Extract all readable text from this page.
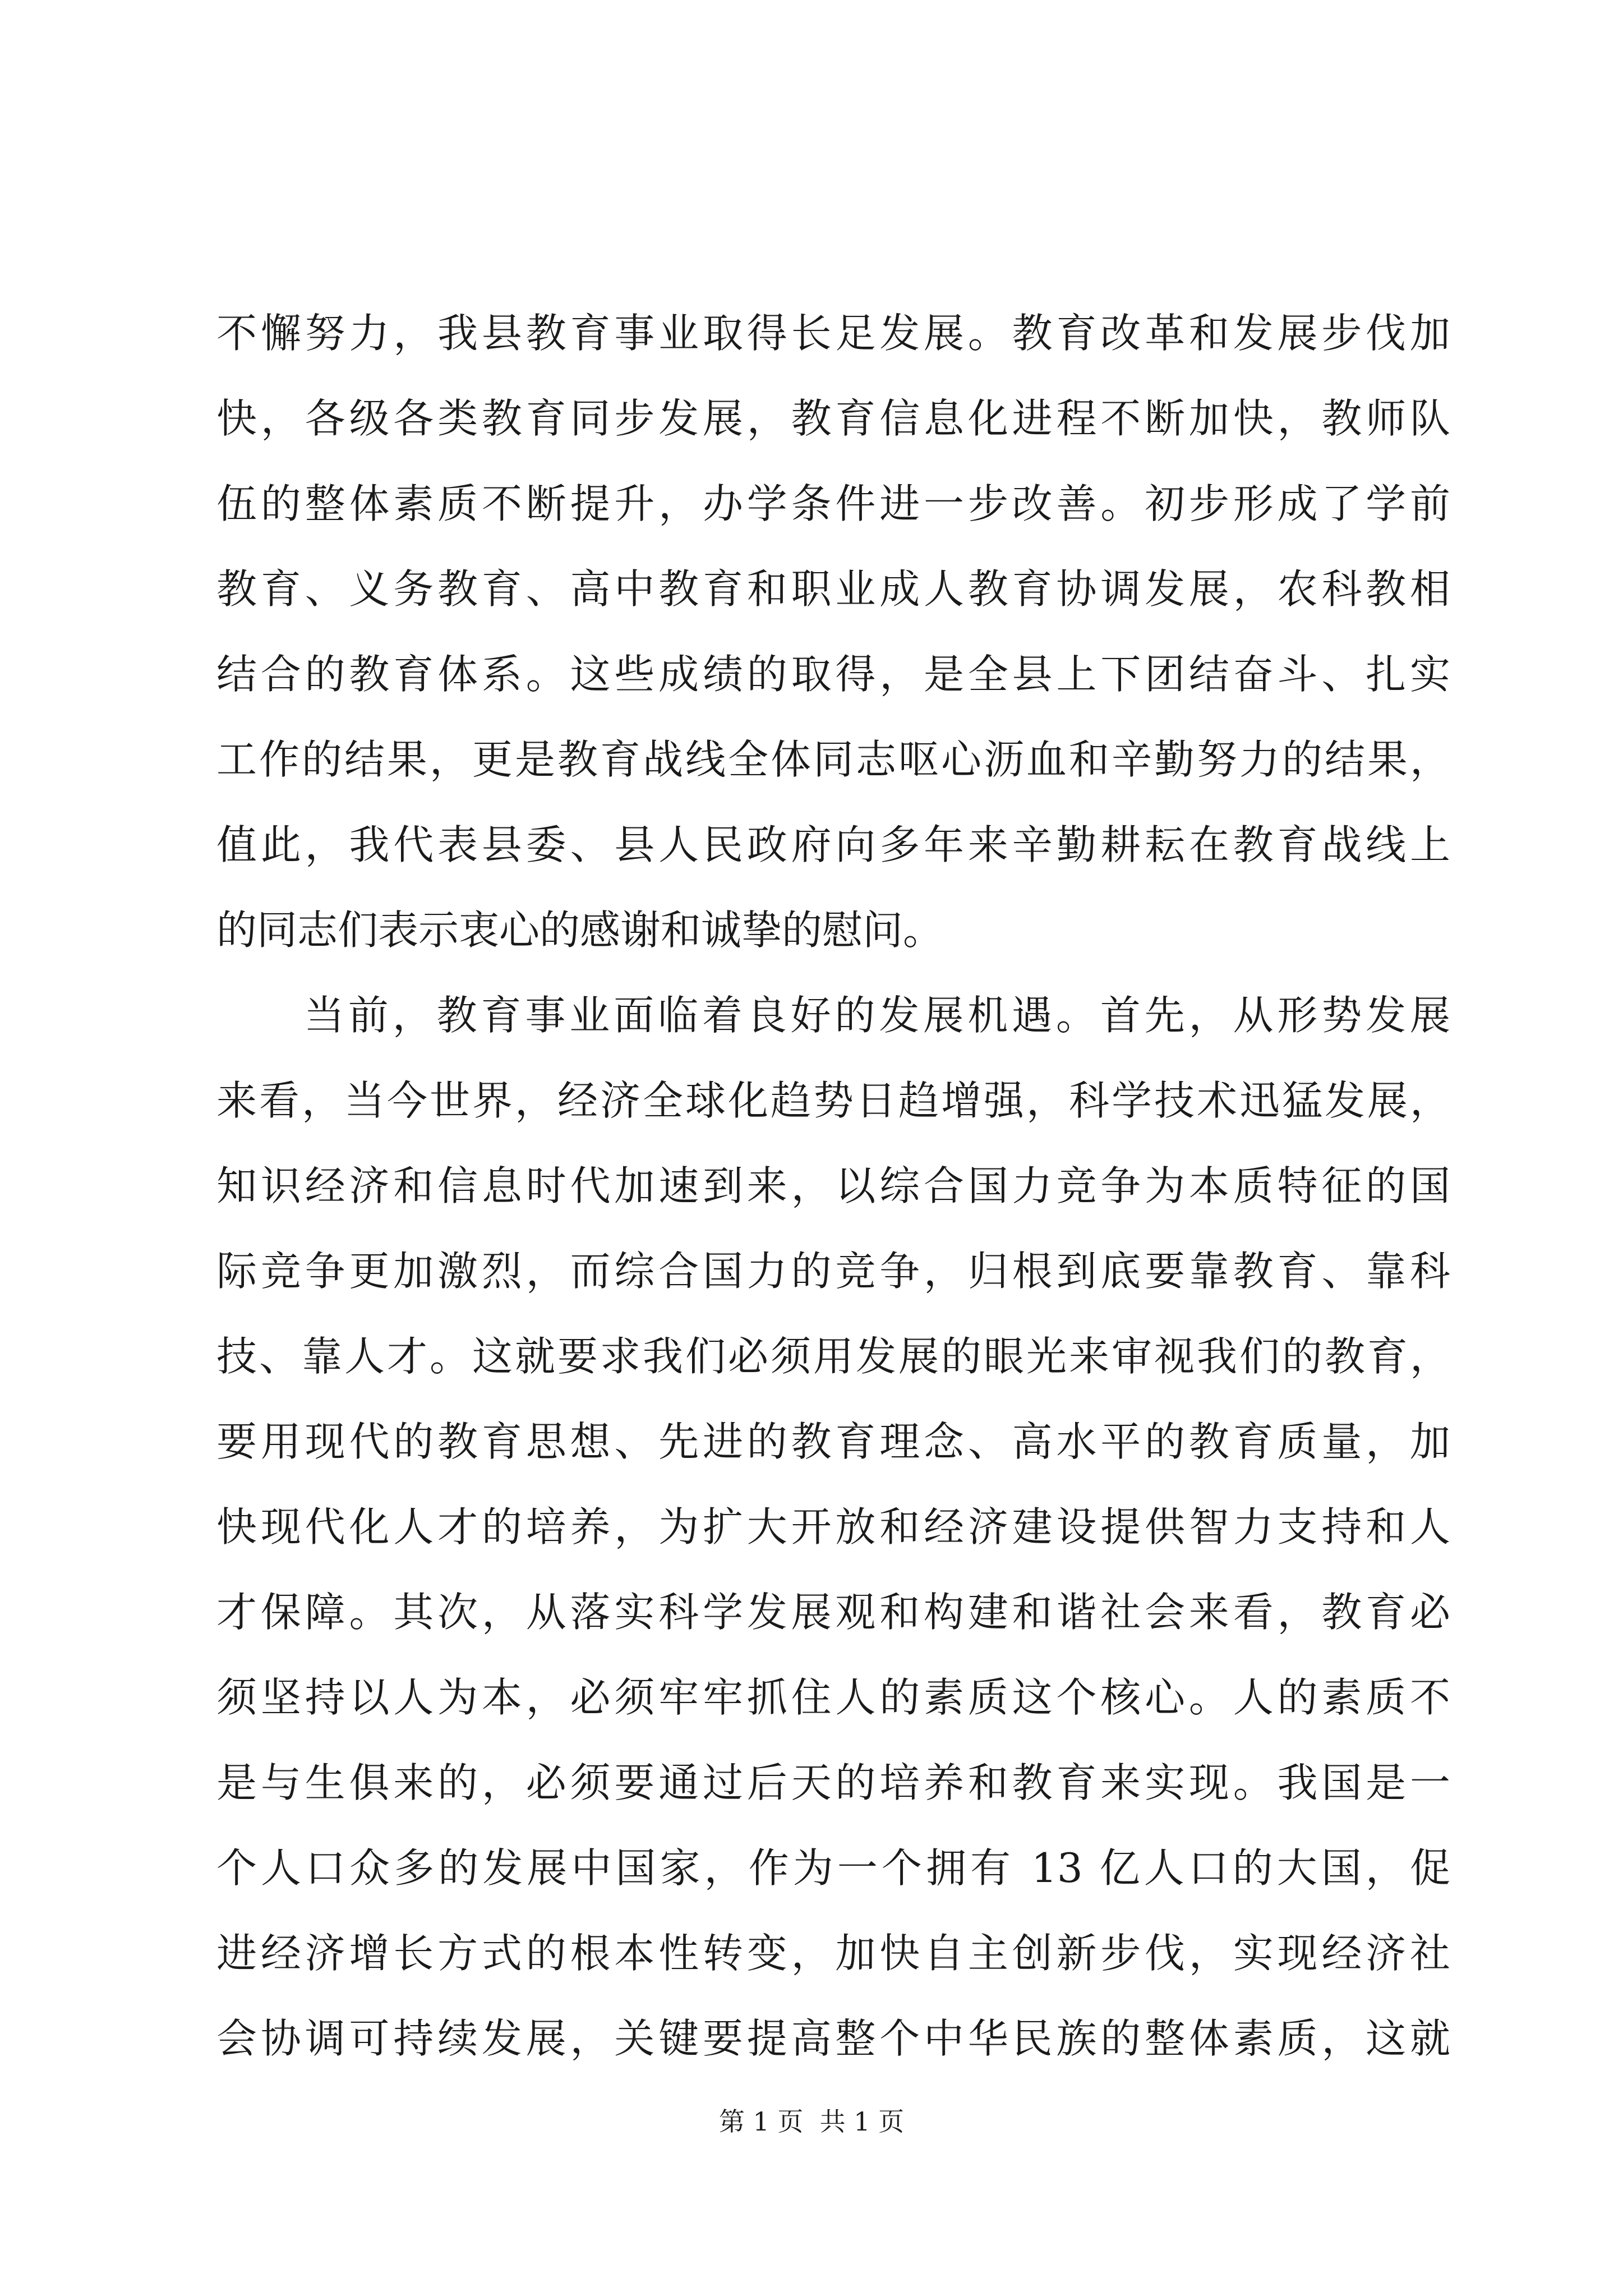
不懈努力，我县教育事业取得长足发展。教育改革和发展步伐加
快，各级各类教育同步发展，教育信息化进程不断加快，教师队
伍的整体素质不断提升，办学条件进一步改善。初步形成了学前
教育、义务教育、高中教育和职业成人教育协调发展，农科教相
结合的教育体系。这些成绩的取得，是全县上下团结奋斗、扎实
工作的结果，更是教育战线全体同志呕心沥血和辛勤努力的结果，
值此，我代表县委、县人民政府向多年来辛勤耕耘在教育战线上
的同志们表示衷心的感谢和诚挚的慰问。
当前，教育事业面临着良好的发展机遇。首先，从形势发展
来看，当今世界，经济全球化趋势日趋增强，科学技术迅猛发展，
知识经济和信息时代加速到来，以综合国力竞争为本质特征的国
际竞争更加激烈，而综合国力的竞争，归根到底要靠教育、靠科
技、靠人才。这就要求我们必须用发展的眼光来审视我们的教育，
要用现代的教育思想、先进的教育理念、高水平的教育质量，加
快现代化人才的培养，为扩大开放和经济建设提供智力支持和人
才保障。其次，从落实科学发展观和构建和谐社会来看，教育必
须坚持以人为本，必须牢牢抓住人的素质这个核心。人的素质不
是与生俱来的，必须要通过后天的培养和教育来实现。我国是一
个人口众多的发展中国家，作为一个拥有 13 亿人口的大国，促
进经济增长方式的根本性转变，加快自主创新步伐，实现经济社
会协调可持续发展，关键要提高整个中华民族的整体素质，这就
第 1 页  共 1 页
